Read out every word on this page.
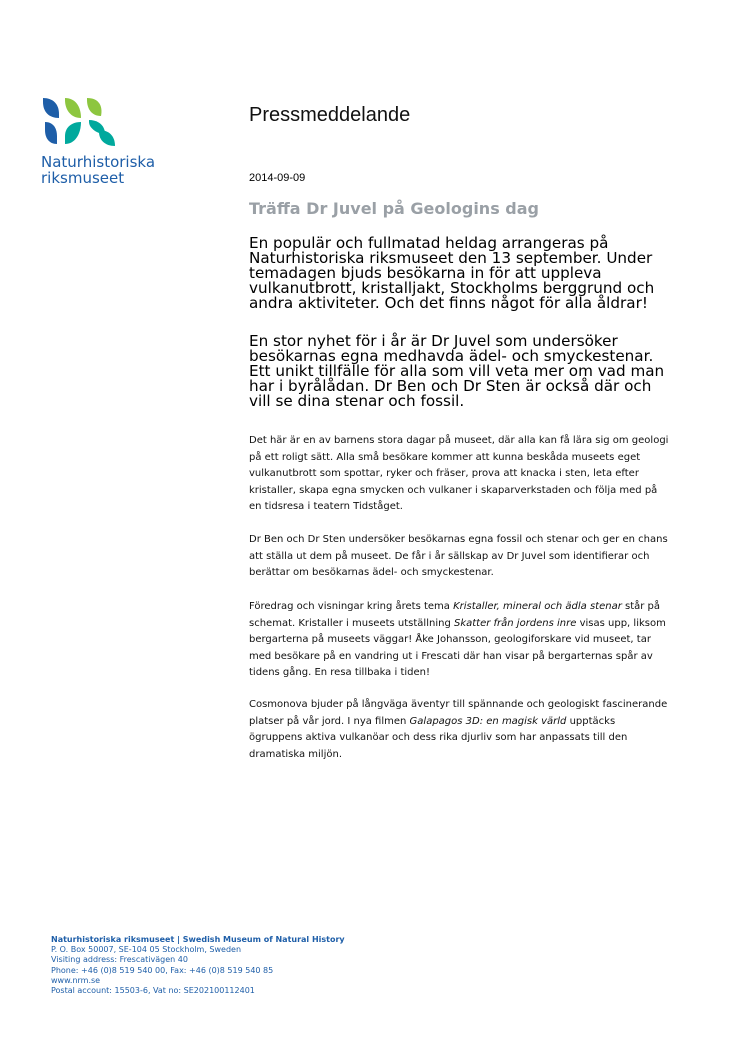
Naturhistoriska
riksmuseet
Pressmeddelande
2014-09-09
Träffa Dr Juvel på Geologins dag

En populär och fullmatad heldag arrangeras på Naturhistoriska riksmuseet den 13 september. Under temadagen bjuds besökarna in för att uppleva vulkanutbrott, kristalljakt, Stockholms berggrund och andra aktiviteter. Och det finns något för alla åldrar!

En stor nyhet för i år är Dr Juvel som undersöker besökarnas egna medhavda ädel- och smyckestenar. Ett unikt tillfälle för alla som vill veta mer om vad man har i byrålådan. Dr Ben och Dr Sten är också där och vill se dina stenar och fossil.

Det här är en av barnens stora dagar på museet, där alla kan få lära sig om geologi på ett roligt sätt. Alla små besökare kommer att kunna beskåda museets eget vulkanutbrott som spottar, ryker och fräser, prova att knacka i sten, leta efter kristaller, skapa egna smycken och vulkaner i skaparverkstaden och följa med på en tidsresa i teatern Tidståget.

Dr Ben och Dr Sten undersöker besökarnas egna fossil och stenar och ger en chans att ställa ut dem på museet. De får i år sällskap av Dr Juvel som identifierar och berättar om besökarnas ädel- och smyckestenar.

Föredrag och visningar kring årets tema Kristaller, mineral och ädla stenar står på schemat. Kristaller i museets utställning Skatter från jordens inre visas upp, liksom bergarterna på museets väggar! Åke Johansson, geologiforskare vid museet, tar med besökare på en vandring ut i Frescati där han visar på bergarternas spår av tidens gång. En resa tillbaka i tiden!

Cosmonova bjuder på långväga äventyr till spännande och geologiskt fascinerande platser på vår jord. I nya filmen Galapagos 3D: en magisk värld upptäcks ögruppens aktiva vulkanöar och dess rika djurliv som har anpassats till den dramatiska miljön.

Naturhistoriska riksmuseet | Swedish Museum of Natural History
P. O. Box 50007, SE-104 05 Stockholm, Sweden
Visiting address: Frescativägen 40
Phone: +46 (0)8 519 540 00, Fax: +46 (0)8 519 540 85
www.nrm.se
Postal account: 15503-6, Vat no: SE202100112401
